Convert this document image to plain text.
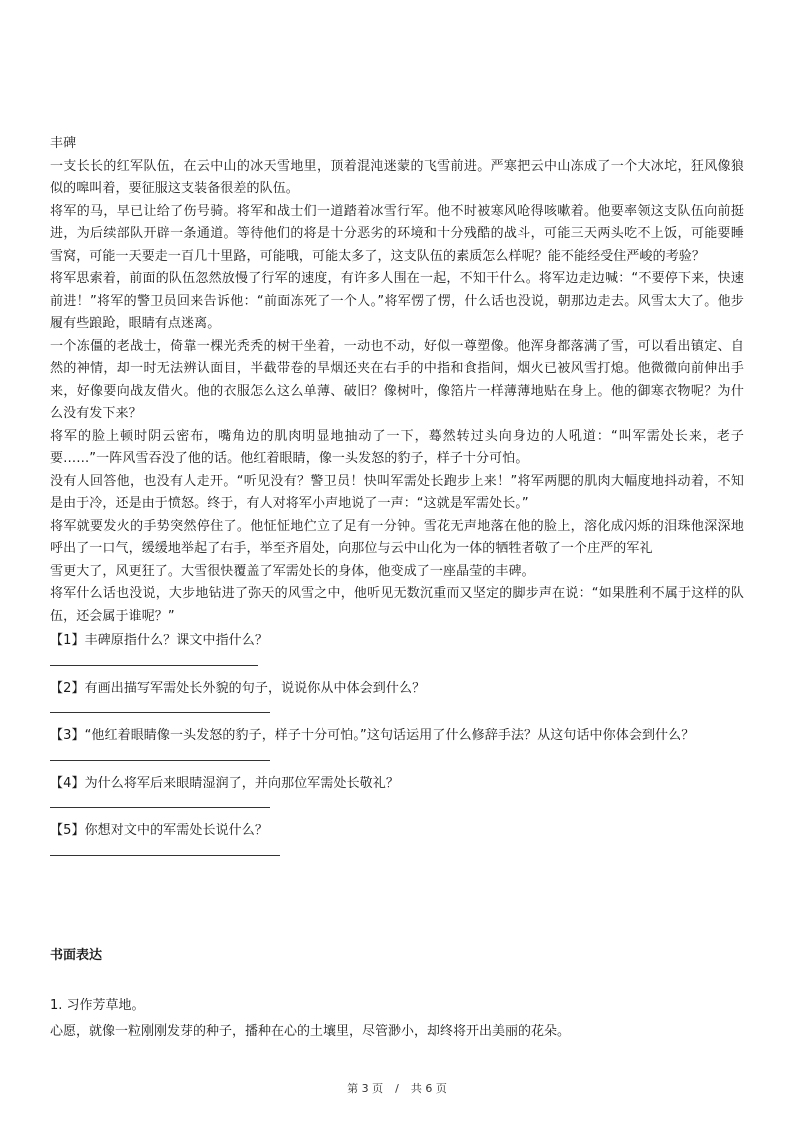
丰碑

一支长长的红军队伍，在云中山的冰天雪地里，顶着混沌迷蒙的飞雪前进。严寒把云中山冻成了一个大冰坨，狂风像狼似的嗥叫着，要征服这支装备很差的队伍。

将军的马，早已让给了伤号骑。将军和战士们一道踏着冰雪行军。他不时被寒风呛得咳嗽着。他要率领这支队伍向前挺进，为后续部队开辟一条通道。等待他们的将是十分恶劣的环境和十分残酷的战斗，可能三天两头吃不上饭，可能要睡雪窝，可能一天要走一百几十里路，可能哦，可能太多了，这支队伍的素质怎么样呢？能不能经受住严峻的考验？

将军思索着，前面的队伍忽然放慢了行军的速度，有许多人围在一起，不知干什么。将军边走边喊：“不要停下来，快速前进！”将军的警卫员回来告诉他：“前面冻死了一个人。”将军愣了愣，什么话也没说，朝那边走去。风雪太大了。他步履有些踉跄，眼睛有点迷离。

一个冻僵的老战士，倚靠一棵光秃秃的树干坐着，一动也不动，好似一尊塑像。他浑身都落满了雪，可以看出镇定、自然的神情，却一时无法辨认面目，半截带卷的旱烟还夹在右手的中指和食指间，烟火已被风雪打熄。他微微向前伸出手来，好像要向战友借火。他的衣服怎么这么单薄、破旧？像树叶，像箔片一样薄薄地贴在身上。他的御寒衣物呢？为什么没有发下来？

将军的脸上顿时阴云密布，嘴角边的肌肉明显地抽动了一下，蓦然转过头向身边的人吼道：“叫军需处长来，老子要……”一阵风雪吞没了他的话。他红着眼睛，像一头发怒的豹子，样子十分可怕。

没有人回答他，也没有人走开。“听见没有？警卫员！快叫军需处长跑步上来！”将军两腮的肌肉大幅度地抖动着，不知是由于冷，还是由于愤怒。终于，有人对将军小声地说了一声：“这就是军需处长。”

将军就要发火的手势突然停住了。他怔怔地伫立了足有一分钟。雪花无声地落在他的脸上，溶化成闪烁的泪珠他深深地呼出了一口气，缓缓地举起了右手，举至齐眉处，向那位与云中山化为一体的牺牲者敬了一个庄严的军礼

雪更大了，风更狂了。大雪很快覆盖了军需处长的身体，他变成了一座晶莹的丰碑。

将军什么话也没说，大步地钻进了弥天的风雪之中，他听见无数沉重而又坚定的脚步声在说：“如果胜利不属于这样的队伍，还会属于谁呢？”

【1】丰碑原指什么？课文中指什么？
【2】有画出描写军需处长外貌的句子，说说你从中体会到什么？
【3】“他红着眼睛像一头发怒的豹子，样子十分可怕。”这句话运用了什么修辞手法？从这句话中你体会到什么？
【4】为什么将军后来眼睛湿润了，并向那位军需处长敬礼？
【5】你想对文中的军需处长说什么？

书面表达

1. 习作芳草地。

心愿，就像一粒刚刚发芽的种子，播种在心的土壤里，尽管渺小，却终将开出美丽的花朵。

第 3 页 / 共 6 页
